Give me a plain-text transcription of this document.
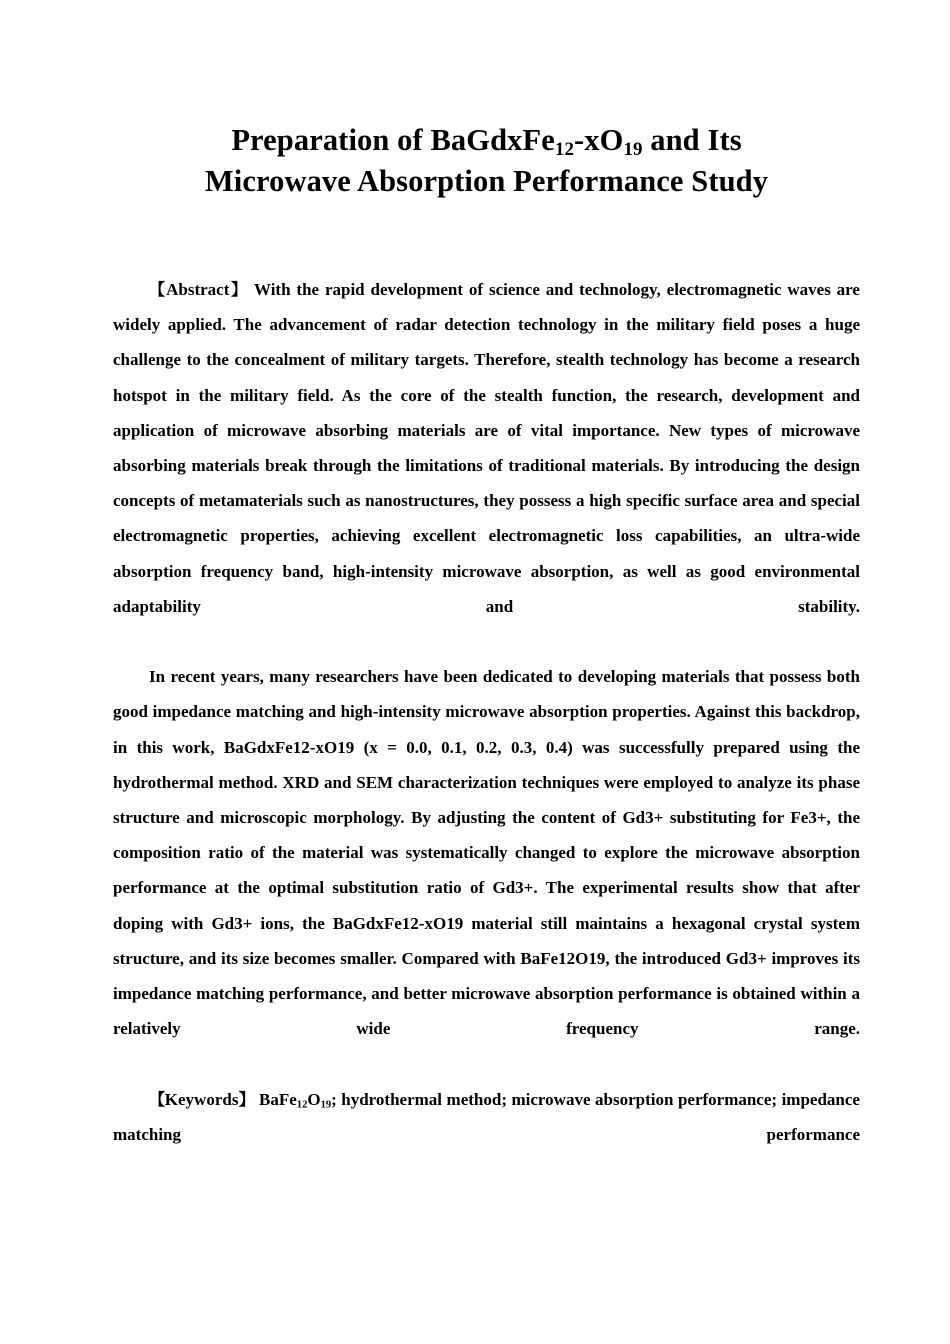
Preparation of $BaGdxFe_{12}-xO_{19}$ and Its
Microwave Absorption Performance Study

【Abstract】 With the rapid development of science and technology, electromagnetic waves are widely applied. The advancement of radar detection technology in the military field poses a huge challenge to the concealment of military targets. Therefore, stealth technology has become a research hotspot in the military field. As the core of the stealth function, the research, development and application of microwave absorbing materials are of vital importance. New types of microwave absorbing materials break through the limitations of traditional materials. By introducing the design concepts of metamaterials such as nanostructures, they possess a high specific surface area and special electromagnetic properties, achieving excellent electromagnetic loss capabilities, an ultra-wide absorption frequency band, high-intensity microwave absorption, as well as good environmental adaptability and stability.

In recent years, many researchers have been dedicated to developing materials that possess both good impedance matching and high-intensity microwave absorption properties. Against this backdrop, in this work, BaGdxFe12-xO19 (x = 0.0, 0.1, 0.2, 0.3, 0.4) was successfully prepared using the hydrothermal method. XRD and SEM characterization techniques were employed to analyze its phase structure and microscopic morphology. By adjusting the content of Gd3+ substituting for Fe3+, the composition ratio of the material was systematically changed to explore the microwave absorption performance at the optimal substitution ratio of Gd3+. The experimental results show that after doping with Gd3+ ions, the BaGdxFe12-xO19 material still maintains a hexagonal crystal system structure, and its size becomes smaller. Compared with BaFe12O19, the introduced Gd3+ improves its impedance matching performance, and better microwave absorption performance is obtained within a relatively wide frequency range.

【Keywords】 $BaFe_{12}O_{19}$; hydrothermal method; microwave absorption performance; impedance matching performance
